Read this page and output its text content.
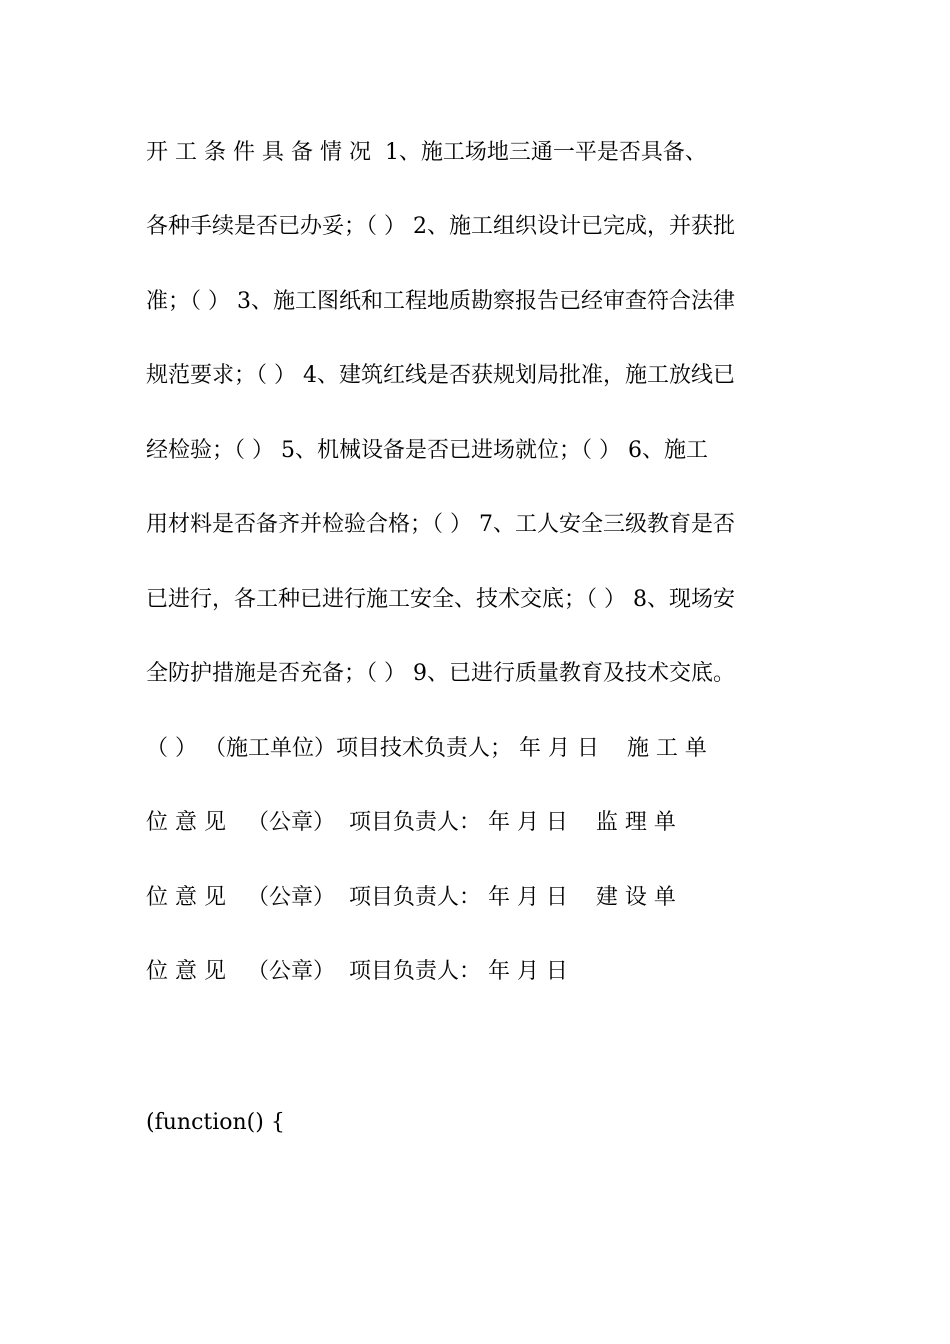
开 工 条 件 具 备 情 况  1、施工场地三通一平是否具备、
各种手续是否已办妥；（ ） 2、施工组织设计已完成，并获批
准；（ ） 3、施工图纸和工程地质勘察报告已经审查符合法律
规范要求；（ ） 4、建筑红线是否获规划局批准，施工放线已
经检验；（ ） 5、机械设备是否已进场就位；（ ） 6、施工
用材料是否备齐并检验合格；（ ） 7、工人安全三级教育是否
已进行，各工种已进行施工安全、技术交底；（ ） 8、现场安
全防护措施是否充备；（ ） 9、已进行质量教育及技术交底。
（ ） （施工单位）项目技术负责人； 年 月 日    施 工 单
位 意 见   （公章）  项目负责人： 年 月 日    监 理 单
位 意 见   （公章）  项目负责人： 年 月 日    建 设 单
位 意 见   （公章）  项目负责人： 年 月 日
(function() {
